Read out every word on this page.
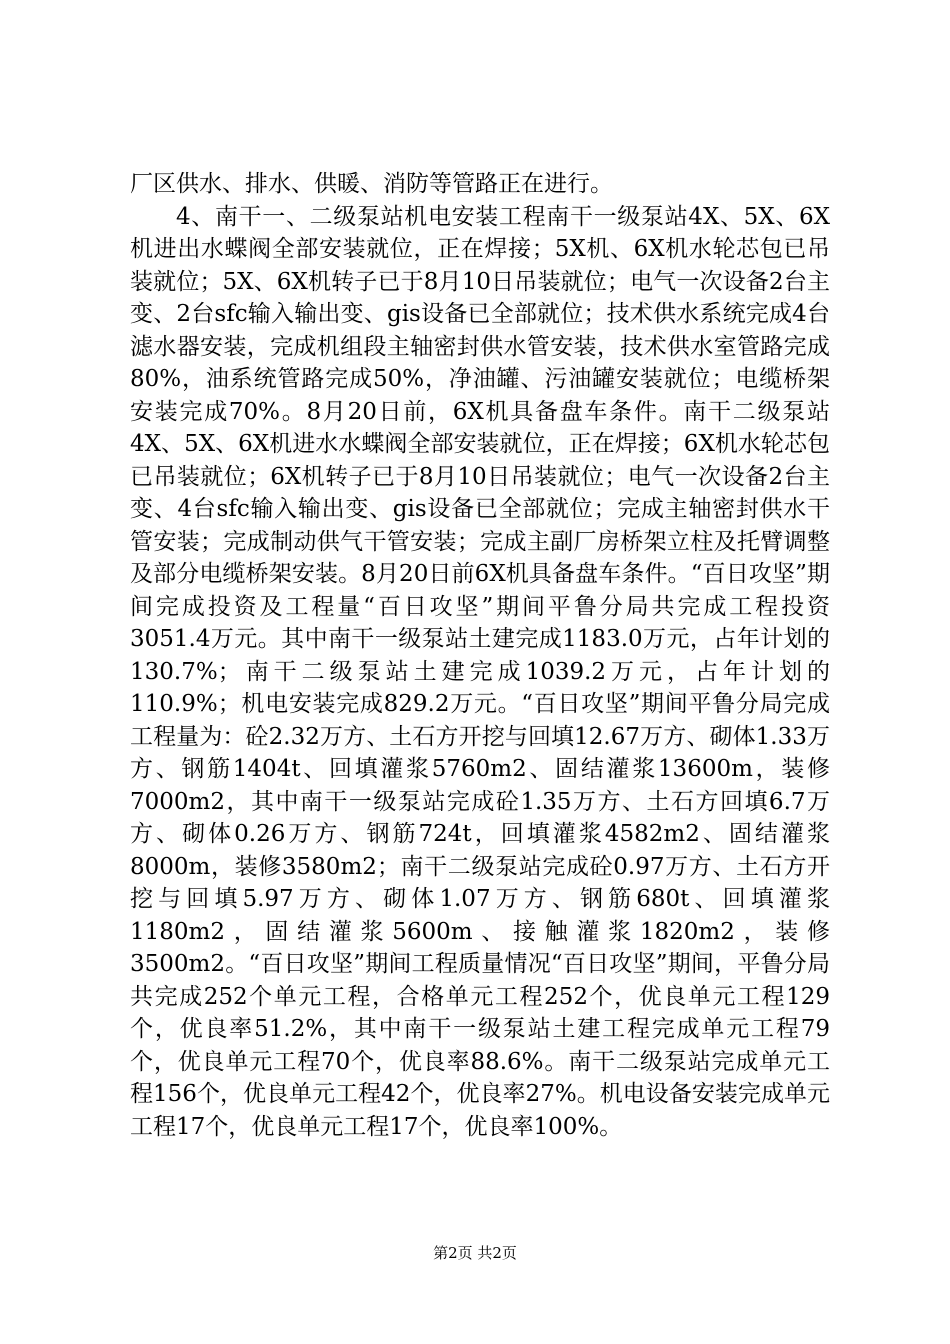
厂区供水、排水、供暖、消防等管路正在进行。

4、南干一、二级泵站机电安装工程南干一级泵站4X、5X、6X机进出水蝶阀全部安装就位，正在焊接；5X机、6X机水轮芯包已吊装就位；5X、6X机转子已于8月10日吊装就位；电气一次设备2台主变、2台sfc输入输出变、gis设备已全部就位；技术供水系统完成4台滤水器安装，完成机组段主轴密封供水管安装，技术供水室管路完成80%，油系统管路完成50%，净油罐、污油罐安装就位；电缆桥架安装完成70%。8月20日前，6X机具备盘车条件。南干二级泵站4X、5X、6X机进水水蝶阀全部安装就位，正在焊接；6X机水轮芯包已吊装就位；6X机转子已于8月10日吊装就位；电气一次设备2台主变、4台sfc输入输出变、gis设备已全部就位；完成主轴密封供水干管安装；完成制动供气干管安装；完成主副厂房桥架立柱及托臂调整及部分电缆桥架安装。8月20日前6X机具备盘车条件。“百日攻坚”期间完成投资及工程量“百日攻坚”期间平鲁分局共完成工程投资3051.4万元。其中南干一级泵站土建完成1183.0万元，占年计划的130.7%；南干二级泵站土建完成1039.2万元，占年计划的110.9%；机电安装完成829.2万元。“百日攻坚”期间平鲁分局完成工程量为：砼2.32万方、土石方开挖与回填12.67万方、砌体1.33万方、钢筋1404t、回填灌浆5760m2、固结灌浆13600m，装修7000m2，其中南干一级泵站完成砼1.35万方、土石方回填6.7万方、砌体0.26万方、钢筋724t，回填灌浆4582m2、固结灌浆8000m，装修3580m2；南干二级泵站完成砼0.97万方、土石方开挖与回填5.97万方、砌体1.07万方、钢筋680t、回填灌浆1180m2，固结灌浆5600m、接触灌浆1820m2，装修3500m2。“百日攻坚”期间工程质量情况“百日攻坚”期间，平鲁分局共完成252个单元工程，合格单元工程252个，优良单元工程129个，优良率51.2%，其中南干一级泵站土建工程完成单元工程79个，优良单元工程70个，优良率88.6%。南干二级泵站完成单元工程156个，优良单元工程42个，优良率27%。机电设备安装完成单元工程17个，优良单元工程17个，优良率100%。

第2页 共2页
